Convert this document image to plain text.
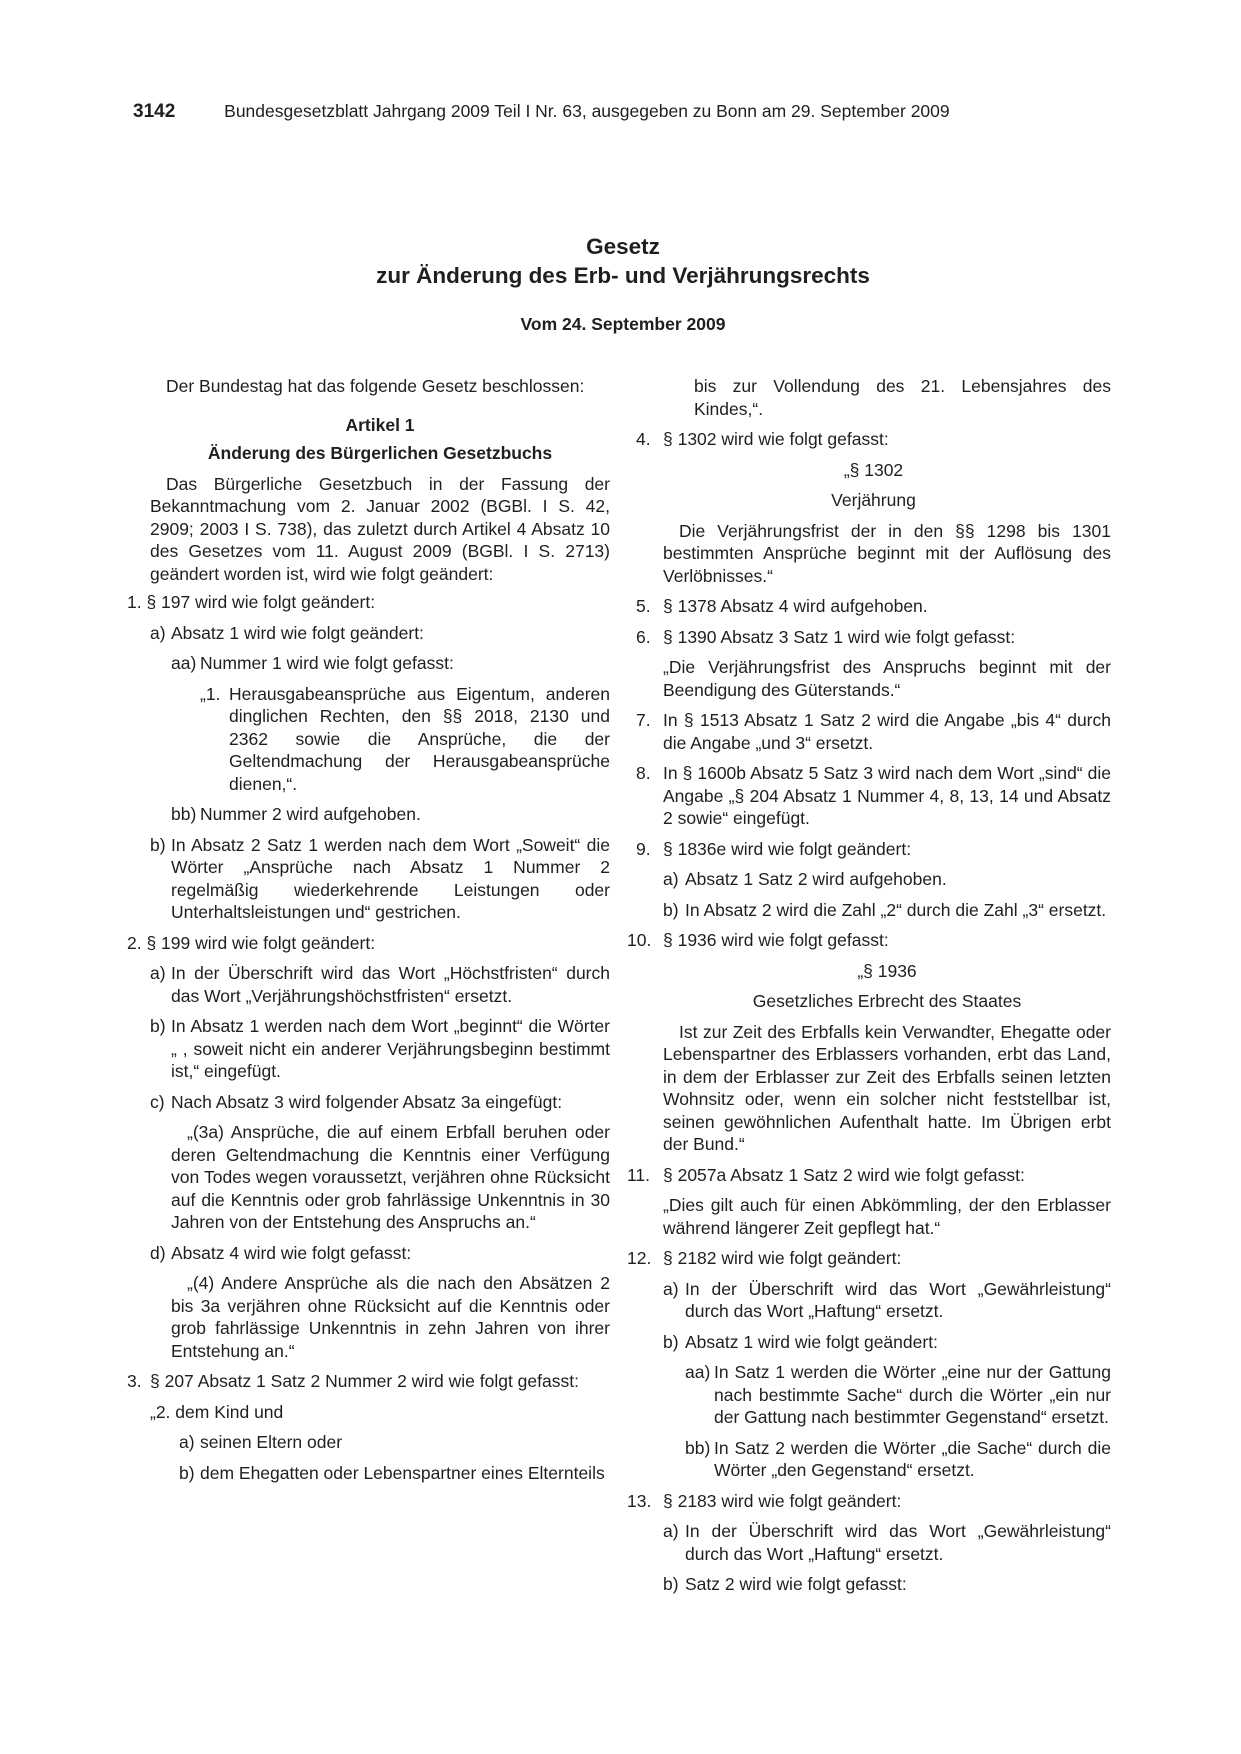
3142	Bundesgesetzblatt Jahrgang 2009 Teil I Nr. 63, ausgegeben zu Bonn am 29. September 2009
Gesetz
zur Änderung des Erb- und Verjährungsrechts
Vom 24. September 2009

Der Bundestag hat das folgende Gesetz beschlossen:

Artikel 1

Änderung des Bürgerlichen Gesetzbuchs

Das Bürgerliche Gesetzbuch in der Fassung der Bekanntmachung vom 2. Januar 2002 (BGBl. I S. 42, 2909; 2003 I S. 738), das zuletzt durch Artikel 4 Absatz 10 des Gesetzes vom 11. August 2009 (BGBl. I S. 2713) geändert worden ist, wird wie folgt geändert:

1. § 197 wird wie folgt geändert:

a) Absatz 1 wird wie folgt geändert:
aa) Nummer 1 wird wie folgt gefasst:
„1. Herausgabeansprüche aus Eigentum, anderen dinglichen Rechten, den §§ 2018, 2130 und 2362 sowie die Ansprüche, die der Geltendmachung der Herausgabeansprüche dienen,“.
bb) Nummer 2 wird aufgehoben.
b) In Absatz 2 Satz 1 werden nach dem Wort „Soweit“ die Wörter „Ansprüche nach Absatz 1 Nummer 2 regelmäßig wiederkehrende Leistungen oder Unterhaltsleistungen und“ gestrichen.

2. § 199 wird wie folgt geändert:

a) In der Überschrift wird das Wort „Höchstfristen“ durch das Wort „Verjährungshöchstfristen“ ersetzt.
b) In Absatz 1 werden nach dem Wort „beginnt“ die Wörter „ , soweit nicht ein anderer Verjährungsbeginn bestimmt ist,“ eingefügt.
c) Nach Absatz 3 wird folgender Absatz 3a eingefügt:

„(3a) Ansprüche, die auf einem Erbfall beruhen oder deren Geltendmachung die Kenntnis einer Verfügung von Todes wegen voraussetzt, verjähren ohne Rücksicht auf die Kenntnis oder grob fahrlässige Unkenntnis in 30 Jahren von der Entstehung des Anspruchs an.“

d) Absatz 4 wird wie folgt gefasst:

„(4) Andere Ansprüche als die nach den Absätzen 2 bis 3a verjähren ohne Rücksicht auf die Kenntnis oder grob fahrlässige Unkenntnis in zehn Jahren von ihrer Entstehung an.“

3. § 207 Absatz 1 Satz 2 Nummer 2 wird wie folgt gefasst:

„2. dem Kind und

a) seinen Eltern oder
b) dem Ehegatten oder Lebenspartner eines Elternteils

bis zur Vollendung des 21. Lebensjahres des Kindes,“.

4. § 1302 wird wie folgt gefasst:

„§ 1302

Verjährung

Die Verjährungsfrist der in den §§ 1298 bis 1301 bestimmten Ansprüche beginnt mit der Auflösung des Verlöbnisses.“

5. § 1378 Absatz 4 wird aufgehoben.
6. § 1390 Absatz 3 Satz 1 wird wie folgt gefasst:

„Die Verjährungsfrist des Anspruchs beginnt mit der Beendigung des Güterstands.“

7. In § 1513 Absatz 1 Satz 2 wird die Angabe „bis 4“ durch die Angabe „und 3“ ersetzt.
8. In § 1600b Absatz 5 Satz 3 wird nach dem Wort „sind“ die Angabe „§ 204 Absatz 1 Nummer 4, 8, 13, 14 und Absatz 2 sowie“ eingefügt.
9. § 1836e wird wie folgt geändert:
a) Absatz 1 Satz 2 wird aufgehoben.
b) In Absatz 2 wird die Zahl „2“ durch die Zahl „3“ ersetzt.
10. § 1936 wird wie folgt gefasst:

„§ 1936

Gesetzliches Erbrecht des Staates

Ist zur Zeit des Erbfalls kein Verwandter, Ehegatte oder Lebenspartner des Erblassers vorhanden, erbt das Land, in dem der Erblasser zur Zeit des Erbfalls seinen letzten Wohnsitz oder, wenn ein solcher nicht feststellbar ist, seinen gewöhnlichen Aufenthalt hatte. Im Übrigen erbt der Bund.“

11. § 2057a Absatz 1 Satz 2 wird wie folgt gefasst:

„Dies gilt auch für einen Abkömmling, der den Erblasser während längerer Zeit gepflegt hat.“

12. § 2182 wird wie folgt geändert:
a) In der Überschrift wird das Wort „Gewährleistung“ durch das Wort „Haftung“ ersetzt.
b) Absatz 1 wird wie folgt geändert:
aa) In Satz 1 werden die Wörter „eine nur der Gattung nach bestimmte Sache“ durch die Wörter „ein nur der Gattung nach bestimmter Gegenstand“ ersetzt.
bb) In Satz 2 werden die Wörter „die Sache“ durch die Wörter „den Gegenstand“ ersetzt.
13. § 2183 wird wie folgt geändert:
a) In der Überschrift wird das Wort „Gewährleistung“ durch das Wort „Haftung“ ersetzt.
b) Satz 2 wird wie folgt gefasst:
